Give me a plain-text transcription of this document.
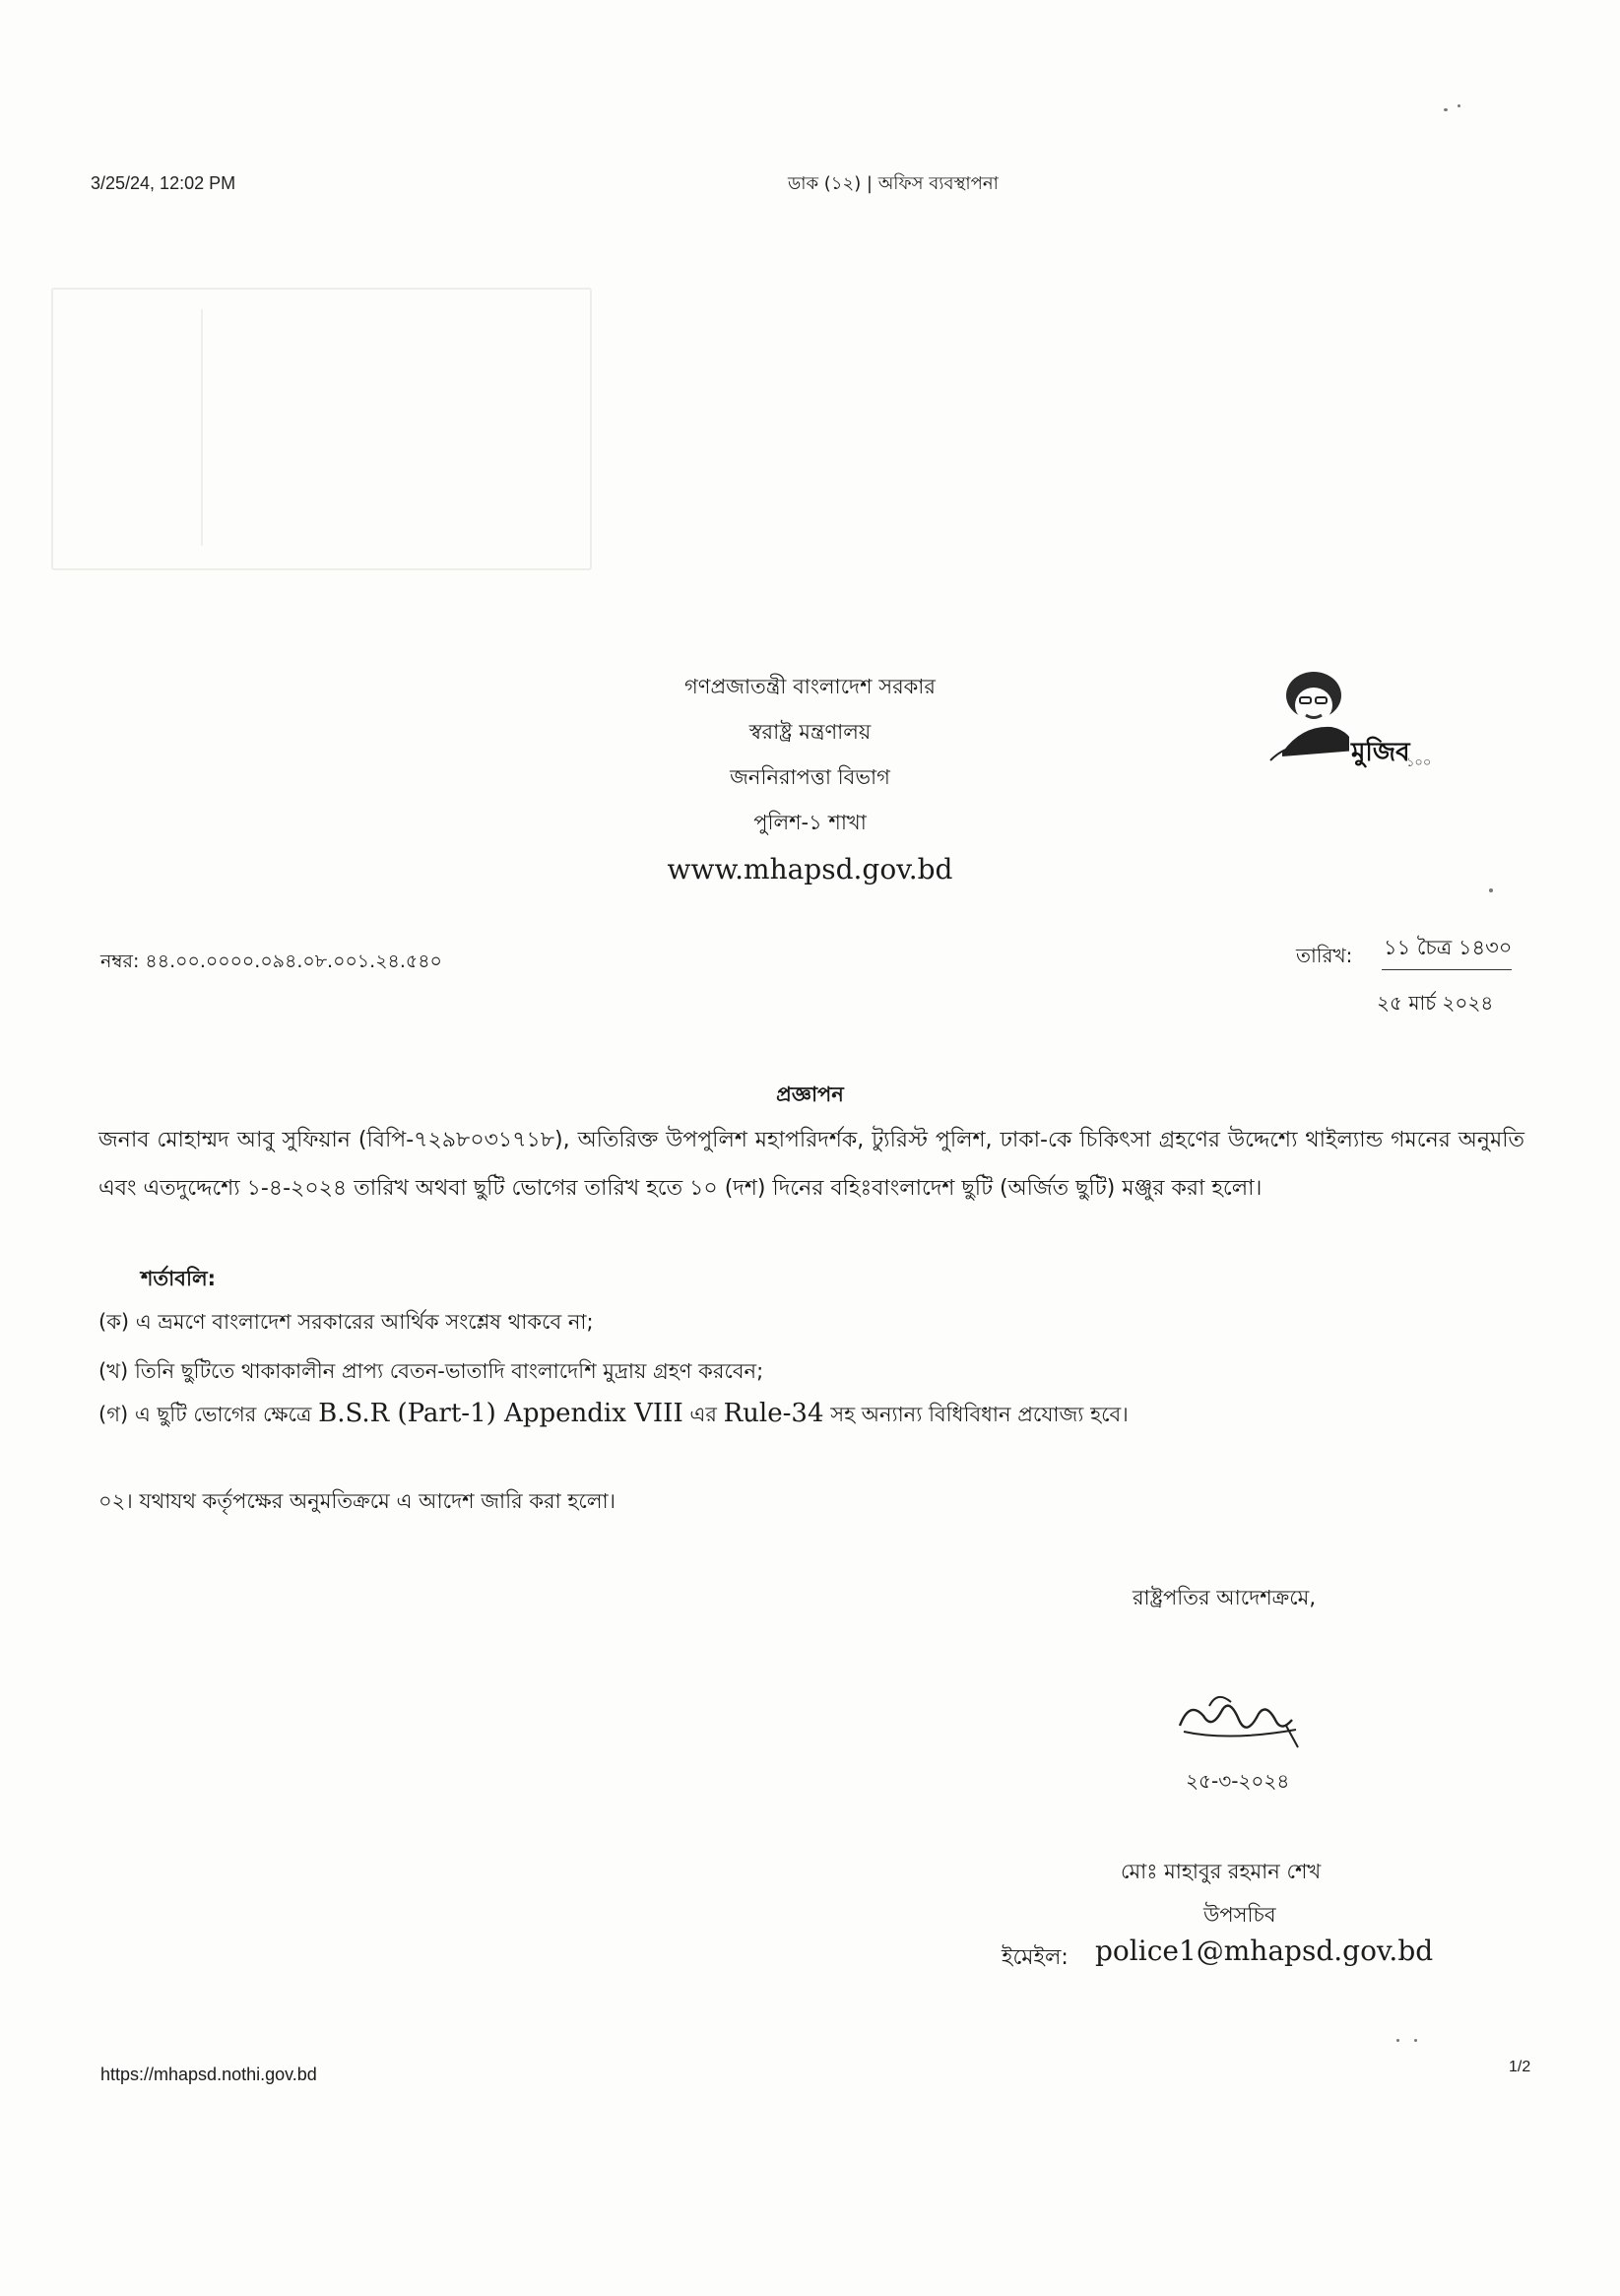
3/25/24, 12:02 PM	ডাক (১২) | অফিস ব্যবস্থাপনা
গণপ্রজাতন্ত্রী বাংলাদেশ সরকার
স্বরাষ্ট্র মন্ত্রণালয়
জননিরাপত্তা বিভাগ
পুলিশ-১ শাখা
www.mhapsd.gov.bd
মুজিব
১০০
নম্বর: ৪৪.০০.০০০০.০৯৪.০৮.০০১.২৪.৫৪০	তারিখ: ১১ চৈত্র ১৪৩০
২৫ মার্চ ২০২৪
প্রজ্ঞাপন
জনাব মোহাম্মদ আবু সুফিয়ান (বিপি-৭২৯৮০৩১৭১৮), অতিরিক্ত উপপুলিশ মহাপরিদর্শক, ট্যুরিস্ট পুলিশ, ঢাকা-কে চিকিৎসা গ্রহণের উদ্দেশ্যে থাইল্যান্ড গমনের অনুমতি এবং এতদুদ্দেশ্যে ১-৪-২০২৪ তারিখ অথবা ছুটি ভোগের তারিখ হতে ১০ (দশ) দিনের বহিঃবাংলাদেশ ছুটি (অর্জিত ছুটি) মঞ্জুর করা হলো।
শর্তাবলি:
(ক) এ ভ্রমণে বাংলাদেশ সরকারের আর্থিক সংশ্লেষ থাকবে না;
(খ) তিনি ছুটিতে থাকাকালীন প্রাপ্য বেতন-ভাতাদি বাংলাদেশি মুদ্রায় গ্রহণ করবেন;
(গ) এ ছুটি ভোগের ক্ষেত্রে B.S.R (Part-1) Appendix VIII এর Rule-34 সহ অন্যান্য বিধিবিধান প্রযোজ্য হবে।
০২। যথাযথ কর্তৃপক্ষের অনুমতিক্রমে এ আদেশ জারি করা হলো।
রাষ্ট্রপতির আদেশক্রমে,
২৫-৩-২০২৪
মোঃ মাহাবুর রহমান শেখ
উপসচিব
ইমেইল: police1@mhapsd.gov.bd
https://mhapsd.nothi.gov.bd	1/2
